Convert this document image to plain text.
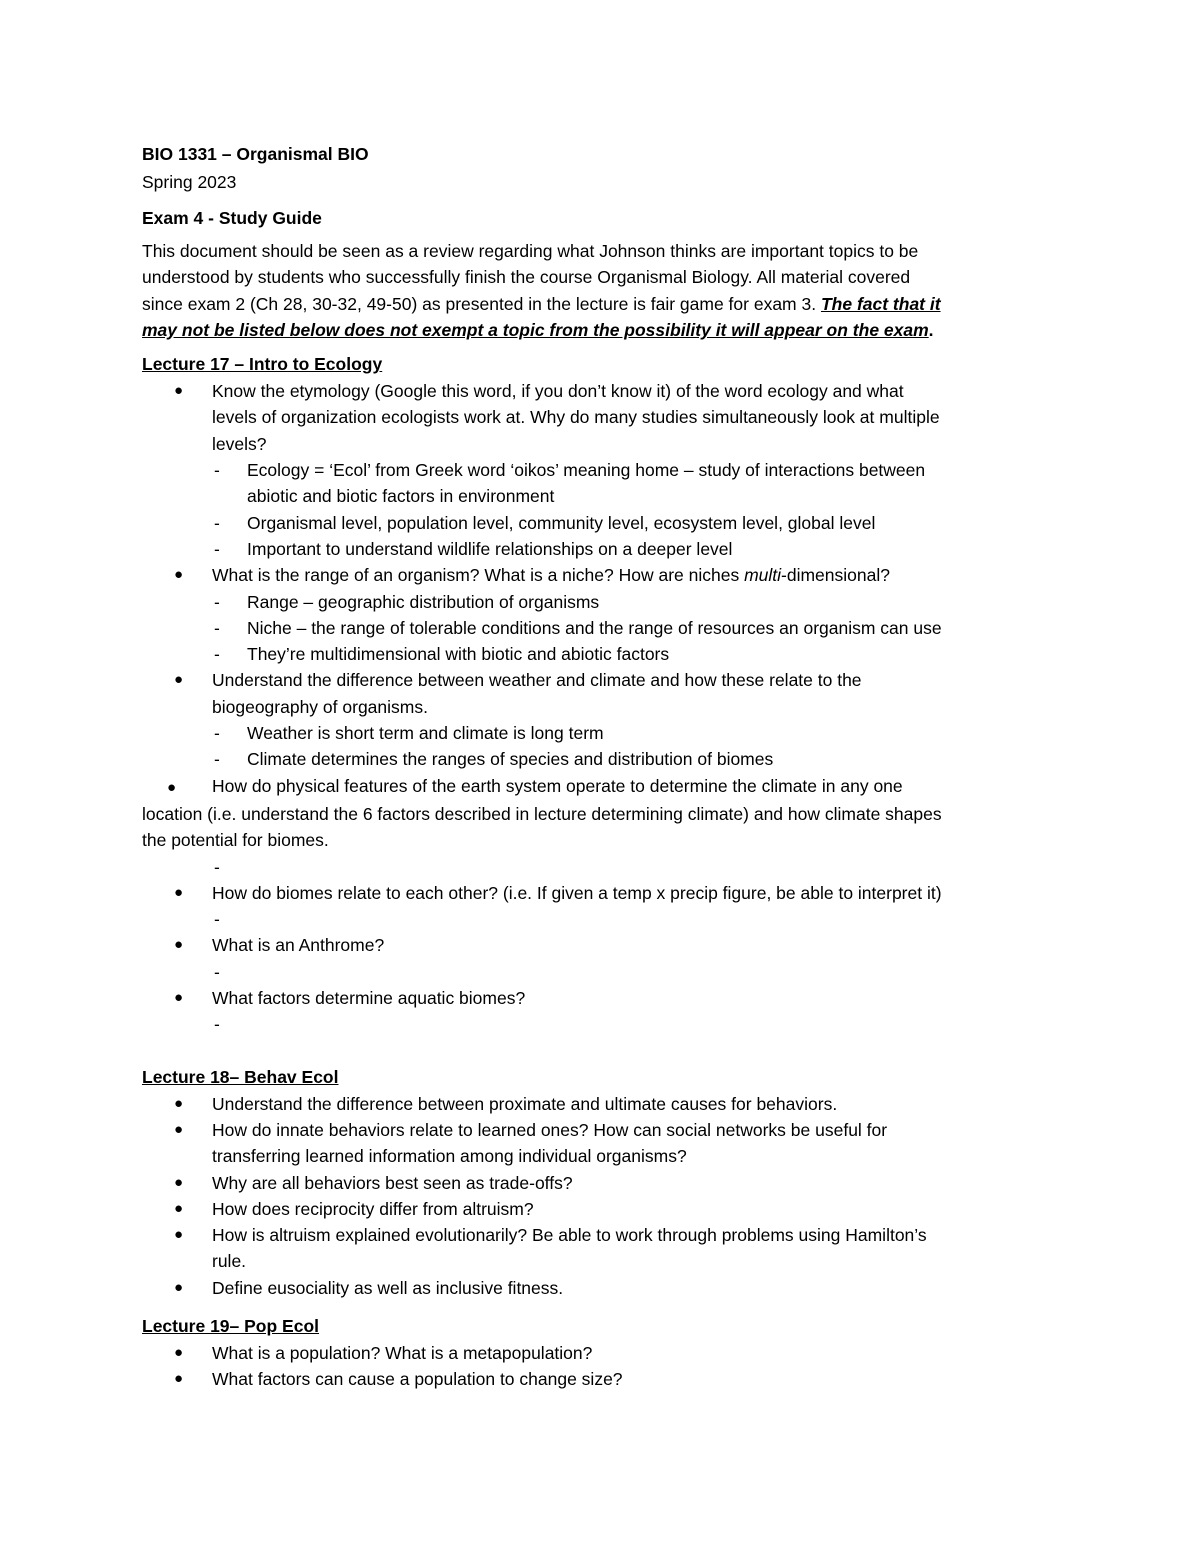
BIO 1331 – Organismal BIO
Spring 2023
Exam 4 - Study Guide
This document should be seen as a review regarding what Johnson thinks are important topics to be
understood by students who successfully finish the course Organismal Biology. All material covered
since exam 2 (Ch 28, 30-32, 49-50) as presented in the lecture is fair game for exam 3. The fact that it
may not be listed below does not exempt a topic from the possibility it will appear on the exam.
Lecture 17 – Intro to Ecology
● Know the etymology (Google this word, if you don’t know it) of the word ecology and what
levels of organization ecologists work at. Why do many studies simultaneously look at multiple
levels?
- Ecology = ‘Ecol’ from Greek word ‘oikos’ meaning home – study of interactions between
abiotic and biotic factors in environment
- Organismal level, population level, community level, ecosystem level, global level
- Important to understand wildlife relationships on a deeper level
● What is the range of an organism? What is a niche? How are niches multi-dimensional?
- Range – geographic distribution of organisms
- Niche – the range of tolerable conditions and the range of resources an organism can use
- They’re multidimensional with biotic and abiotic factors
● Understand the difference between weather and climate and how these relate to the
biogeography of organisms.
- Weather is short term and climate is long term
- Climate determines the ranges of species and distribution of biomes
● How do physical features of the earth system operate to determine the climate in any one
location (i.e. understand the 6 factors described in lecture determining climate) and how climate shapes
the potential for biomes.
-
● How do biomes relate to each other? (i.e. If given a temp x precip figure, be able to interpret it)
-
● What is an Anthrome?
-
● What factors determine aquatic biomes?
-
Lecture 18– Behav Ecol
● Understand the difference between proximate and ultimate causes for behaviors.
● How do innate behaviors relate to learned ones? How can social networks be useful for
transferring learned information among individual organisms?
● Why are all behaviors best seen as trade-offs?
● How does reciprocity differ from altruism?
● How is altruism explained evolutionarily? Be able to work through problems using Hamilton’s
rule.
● Define eusociality as well as inclusive fitness.
Lecture 19– Pop Ecol
● What is a population? What is a metapopulation?
● What factors can cause a population to change size?
